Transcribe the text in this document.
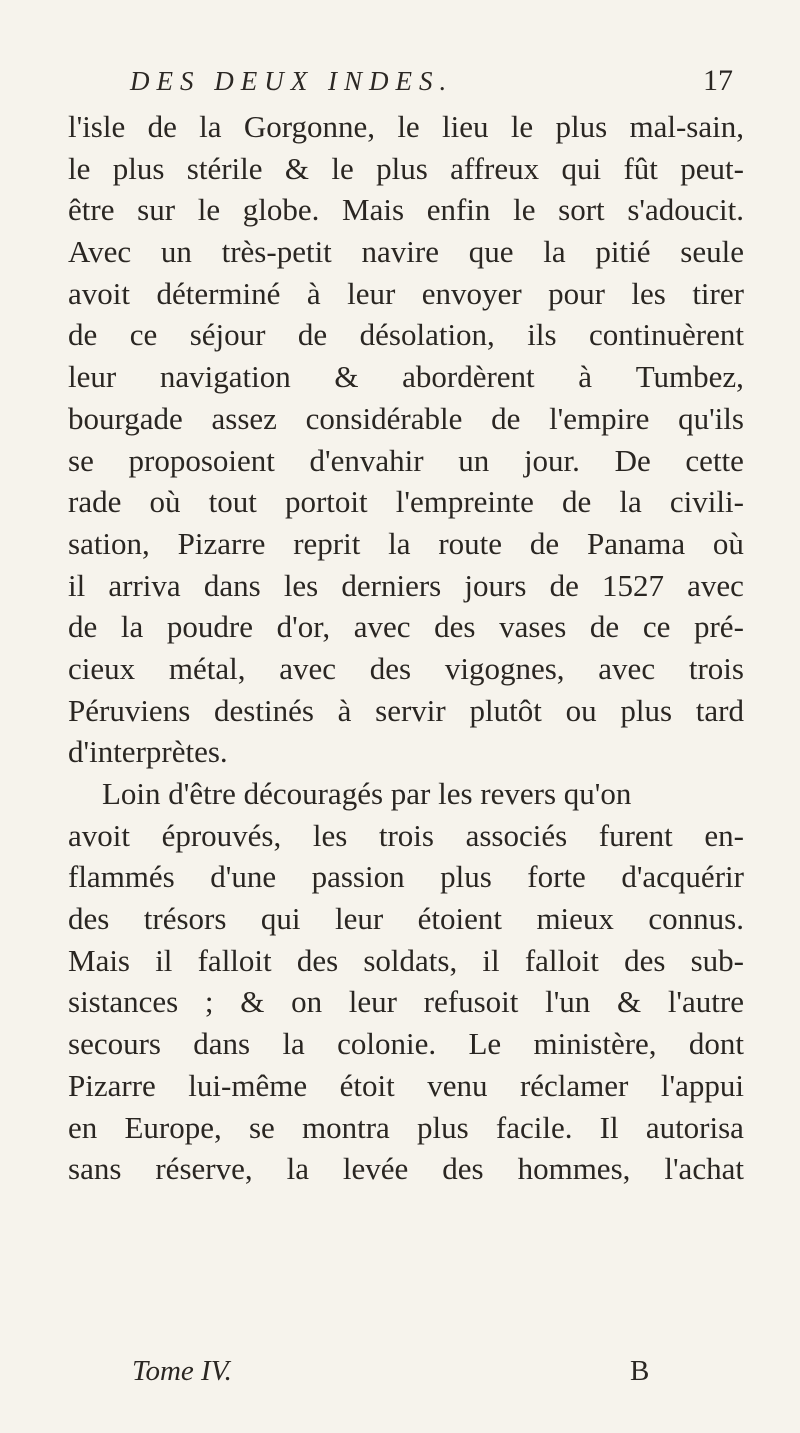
DES DEUX INDES.	17
l'isle de la Gorgonne, le lieu le plus mal-sain,
le plus stérile & le plus affreux qui fût peut-
être sur le globe. Mais enfin le sort s'adoucit.
Avec un très-petit navire que la pitié seule
avoit déterminé à leur envoyer pour les tirer
de ce séjour de désolation, ils continuèrent
leur navigation & abordèrent à Tumbez,
bourgade assez considérable de l'empire qu'ils
se proposoient d'envahir un jour. De cette
rade où tout portoit l'empreinte de la civili-
sation, Pizarre reprit la route de Panama où
il arriva dans les derniers jours de 1527 avec
de la poudre d'or, avec des vases de ce pré-
cieux métal, avec des vigognes, avec trois
Péruviens destinés à servir plutôt ou plus tard
d'interprètes.
Loin d'être découragés par les revers qu'on
avoit éprouvés, les trois associés furent en-
flammés d'une passion plus forte d'acquérir
des trésors qui leur étoient mieux connus.
Mais il falloit des soldats, il falloit des sub-
sistances ; & on leur refusoit l'un & l'autre
secours dans la colonie. Le ministère, dont
Pizarre lui-même étoit venu réclamer l'appui
en Europe, se montra plus facile. Il autorisa
sans réserve, la levée des hommes, l'achat
Tome IV.	B
